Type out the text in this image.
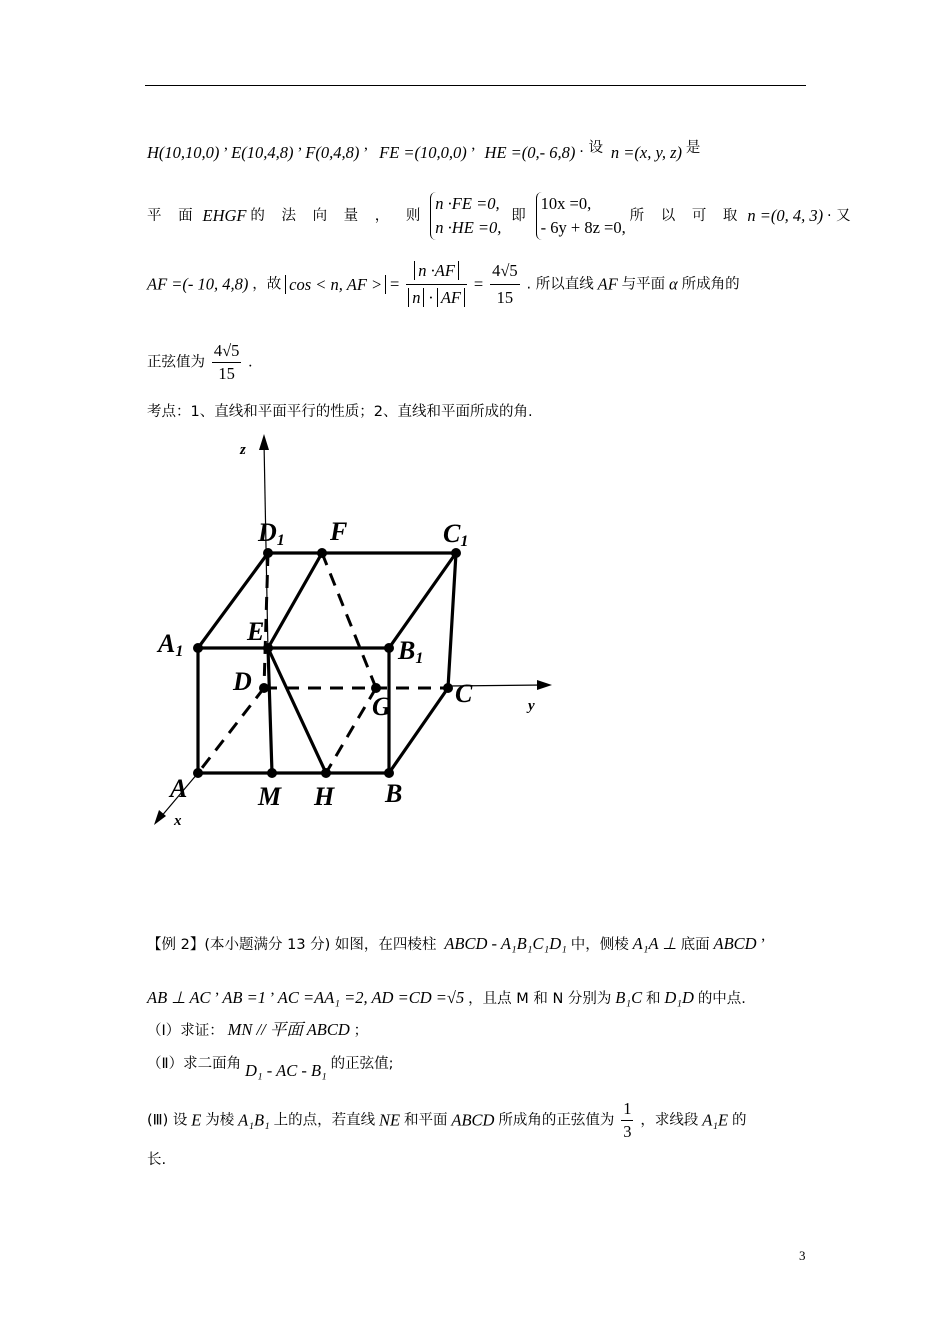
H(10,10,0) ’ E(10,4,8) ’ F(0,4,8) ’ FE =(10,0,0) ’ HE =(0,- 6,8) . 设 n =(x, y, z) 是
平 面 EHGF 的 法 向 量 ， 则
n ·FE =0,
n ·HE =0,
即
10x =0,
- 6y + 8z =0,
所 以 可 取 n =(0, 4, 3) · 又
AF =(- 10, 4,8) ，故 cos < n, AF > = $\frac{n \cdot AF}{n \cdot AF} = \frac{4√5}{15}$ . 所以直线 AF 与平面 α 所成角的
正弦值为 $\frac{4√5}{15}$ .
考点：1、直线和平面平行的性质；2、直线和平面所成的角.
D1 F	C1
A1
E
B1
D
G C
A	M H B
z
y
x
【例 2】(本小题满分 13 分) 如图，在四棱柱 ABCD - A₁B₁C₁D₁ 中，侧棱 A₁A ⊥ 底面 ABCD ’
AB ⊥ AC ’ AB =1 ’ AC =AA₁ =2, AD =CD =√5 ，且点 M 和 N 分别为 B₁C 和 D₁D 的中点.
（Ⅰ）求证： MN // 平面 ABCD ；
（Ⅱ）求二面角 D₁ - AC - B₁ 的正弦值;
(Ⅲ) 设 E 为棱 A₁B₁ 上的点，若直线 NE 和平面 ABCD 所成角的正弦值为 $\frac{1}{3}$ ，求线段 A₁E 的
长.
3
